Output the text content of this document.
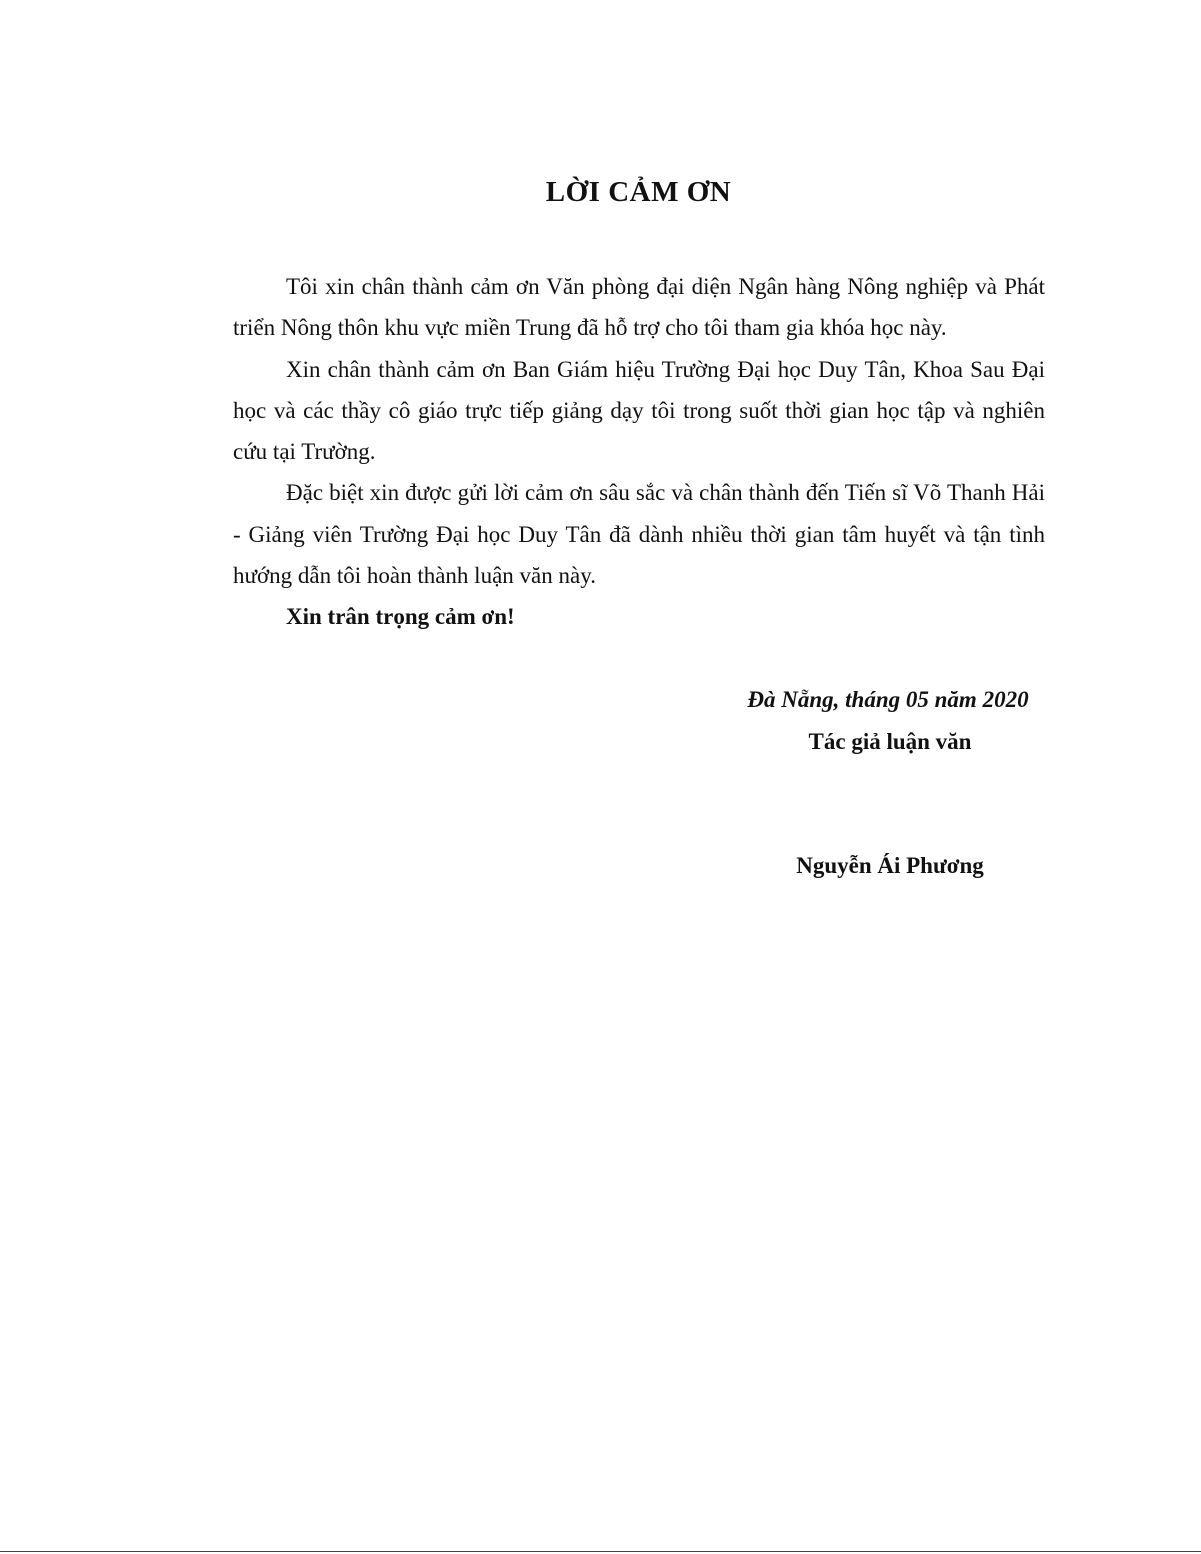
LỜI CẢM ƠN

Tôi xin chân thành cảm ơn Văn phòng đại diện Ngân hàng Nông nghiệp và Phát triển Nông thôn khu vực miền Trung đã hỗ trợ cho tôi tham gia khóa học này.

Xin chân thành cảm ơn Ban Giám hiệu Trường Đại học Duy Tân, Khoa Sau Đại học và các thầy cô giáo trực tiếp giảng dạy tôi trong suốt thời gian học tập và nghiên cứu tại Trường.

Đặc biệt xin được gửi lời cảm ơn sâu sắc và chân thành đến Tiến sĩ Võ Thanh Hải - Giảng viên Trường Đại học Duy Tân đã dành nhiều thời gian tâm huyết và tận tình hướng dẫn tôi hoàn thành luận văn này.

Xin trân trọng cảm ơn!

Đà Nẵng, tháng 05 năm 2020
Tác giả luận văn
Nguyễn Ái Phương
